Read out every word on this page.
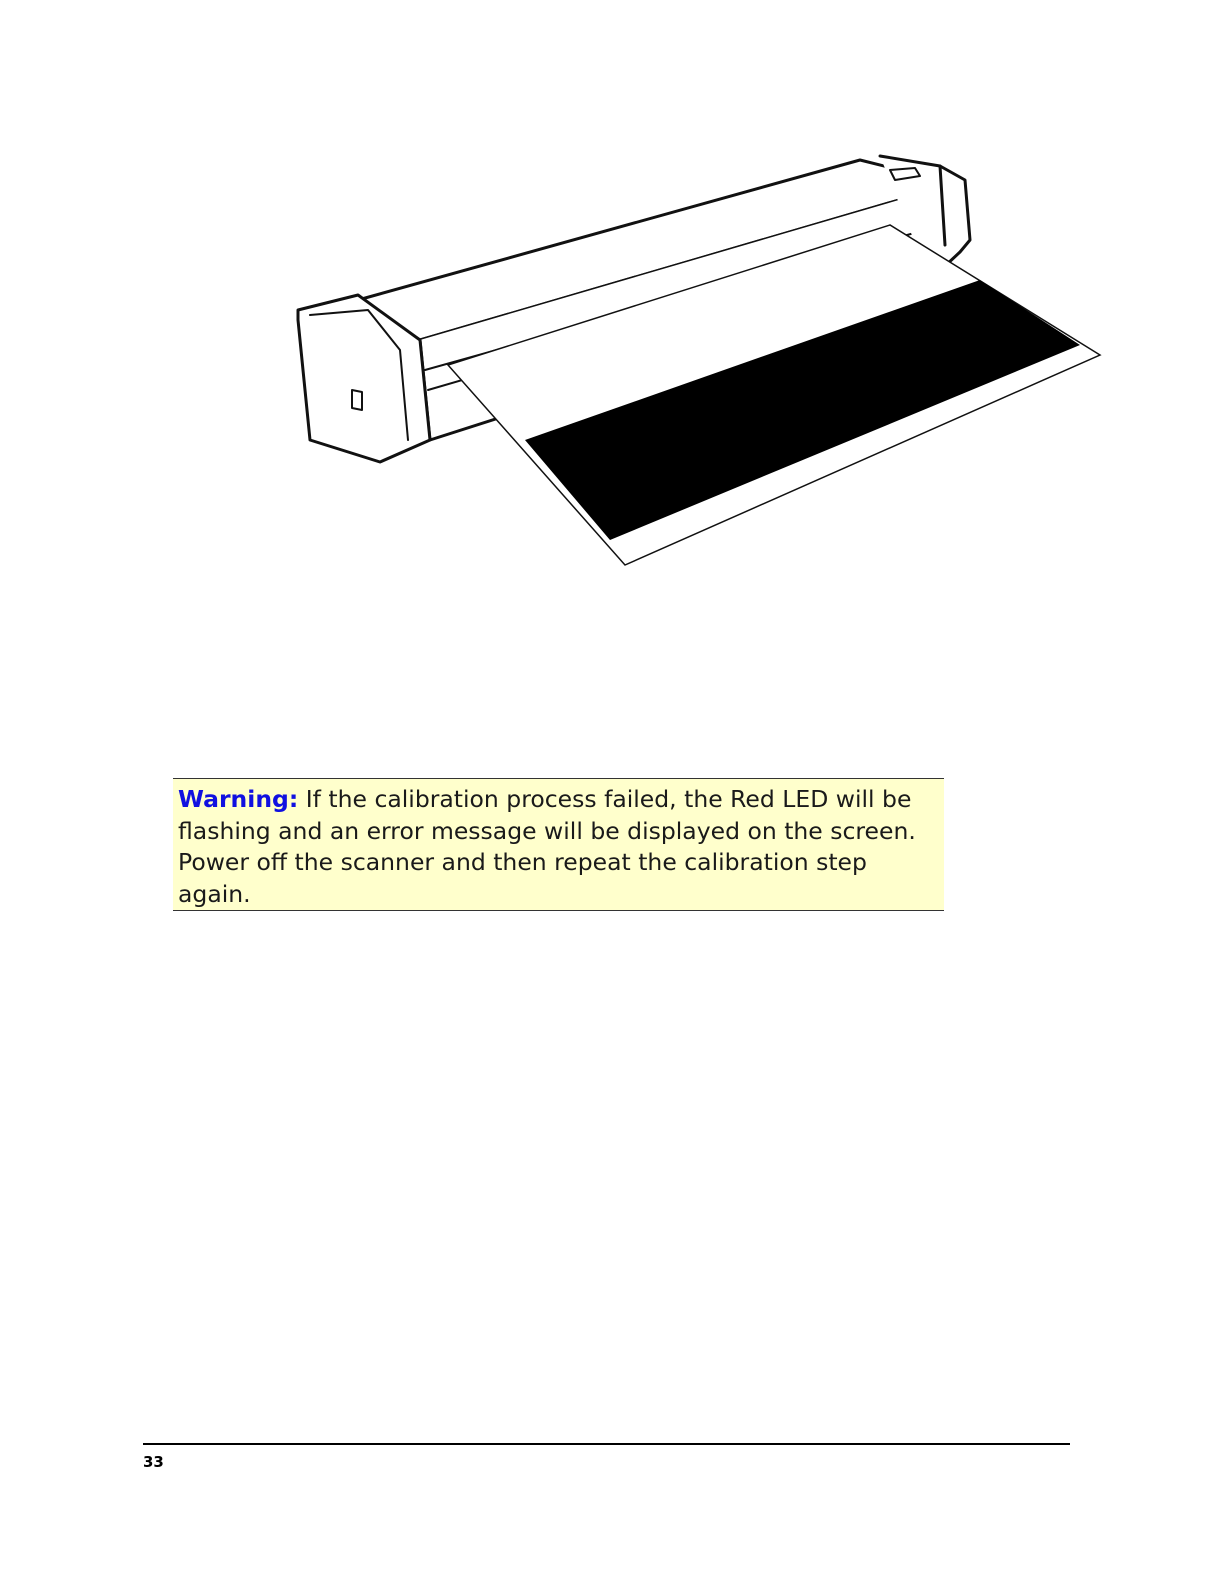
Warning: If the calibration process failed, the Red LED will be flashing and an error message will be displayed on the screen. Power off the scanner and then repeat the calibration step again.
33
